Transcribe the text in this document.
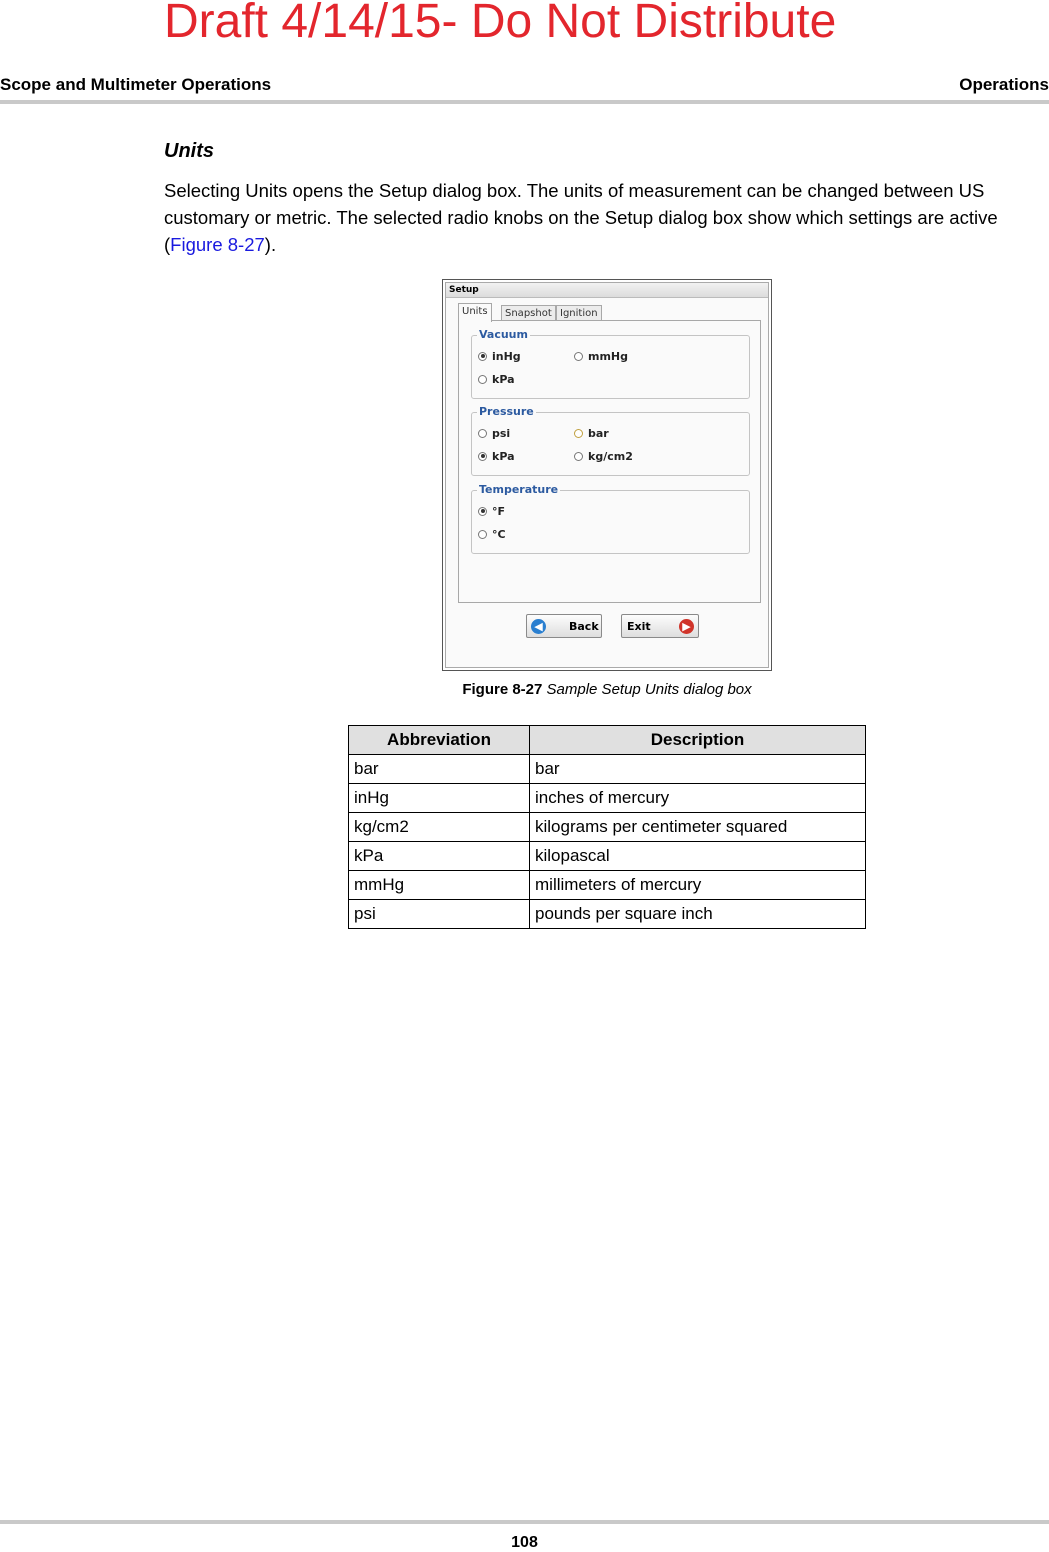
Draft 4/14/15- Do Not Distribute
Scope and Multimeter Operations	Operations
Units

Selecting Units opens the Setup dialog box. The units of measurement can be changed between US customary or metric. The selected radio knobs on the Setup dialog box show which settings are active (Figure 8-27).

Setup
Units	Snapshot Ignition
Vacuum
inHg	mmHg
kPa
Pressure
psi	bar
kPa	kg/cm2
Temperature
°F
°C
◀ Back	Exit	▶
Figure 8-27 Sample Setup Units dialog box
Abbreviation	Description
bar	bar
inHg	inches of mercury
kg/cm2	kilograms per centimeter squared
kPa	kilopascal
mmHg	millimeters of mercury
psi	pounds per square inch
108
